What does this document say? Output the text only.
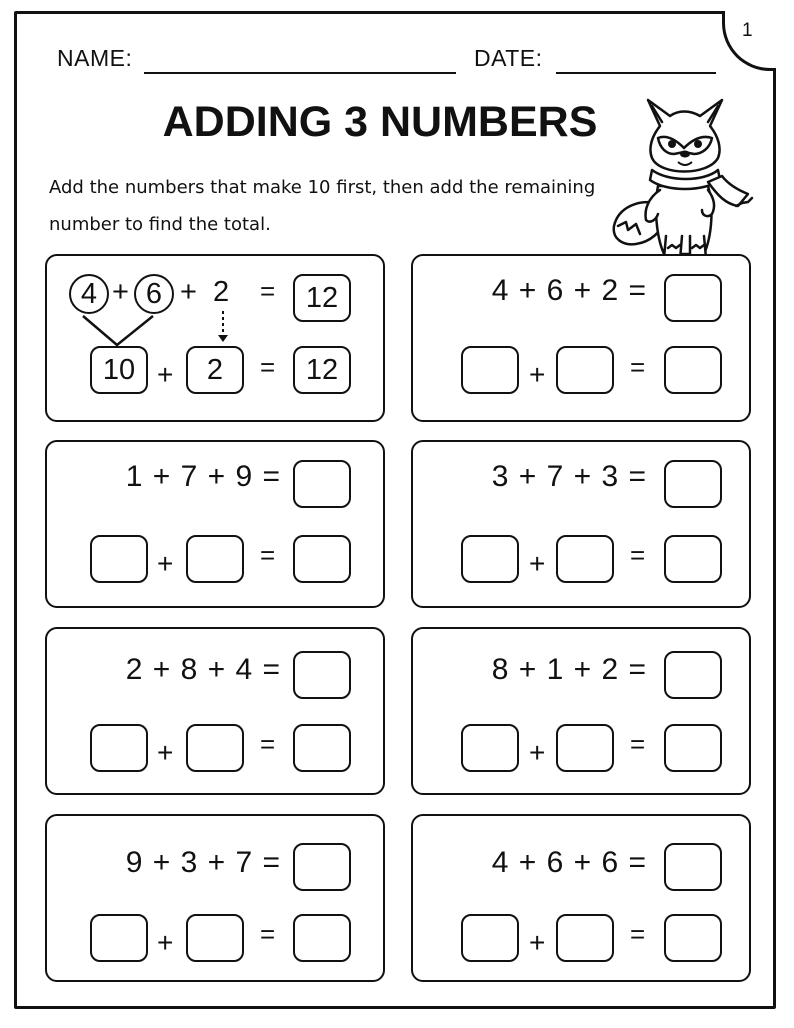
1
NAME:	DATE:
ADDING 3 NUMBERS
Add the numbers that make 10 first, then add the remaining
number to find the total.
4 + 6 + 2 =	12
10 +	2	=	12
4 + 6 + 2 =
+	=
1 + 7 + 9 =
+	=
3 + 7 + 3 =
+	=
2 + 8 + 4 =
+	=
8 + 1 + 2 =
+	=
9 + 3 + 7 =
+	=
4 + 6 + 6 =
+	=
